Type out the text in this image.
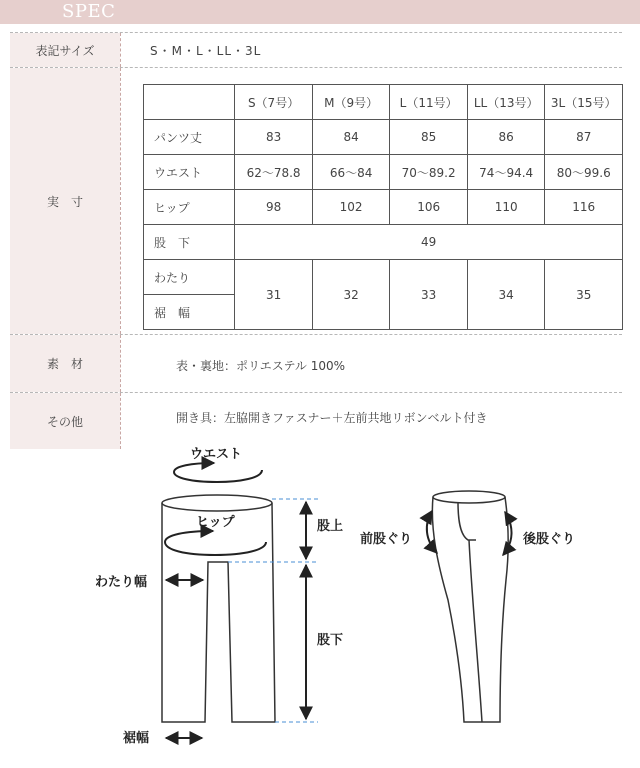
SPEC
表記サイズ	S・M・L・LL・3L
実　寸
	S（7号）	M（9号）	L（11号）	LL（13号）	3L（15号）
パンツ丈	83	84	85	86	87
ウエスト	62〜78.8	66〜84	70〜89.2	74〜94.4	80〜99.6
ヒップ	98	102	106	110	116
股　下	49				
わたり	31	32	33	34	35
裾　幅					
素　材	表・裏地：ポリエステル 100%
その他	開き具：左脇開きファスナー＋左前共地リボンベルト付き
ウエスト
ヒップ
わたり幅
裾幅
股上
股下
前股ぐり	後股ぐり
